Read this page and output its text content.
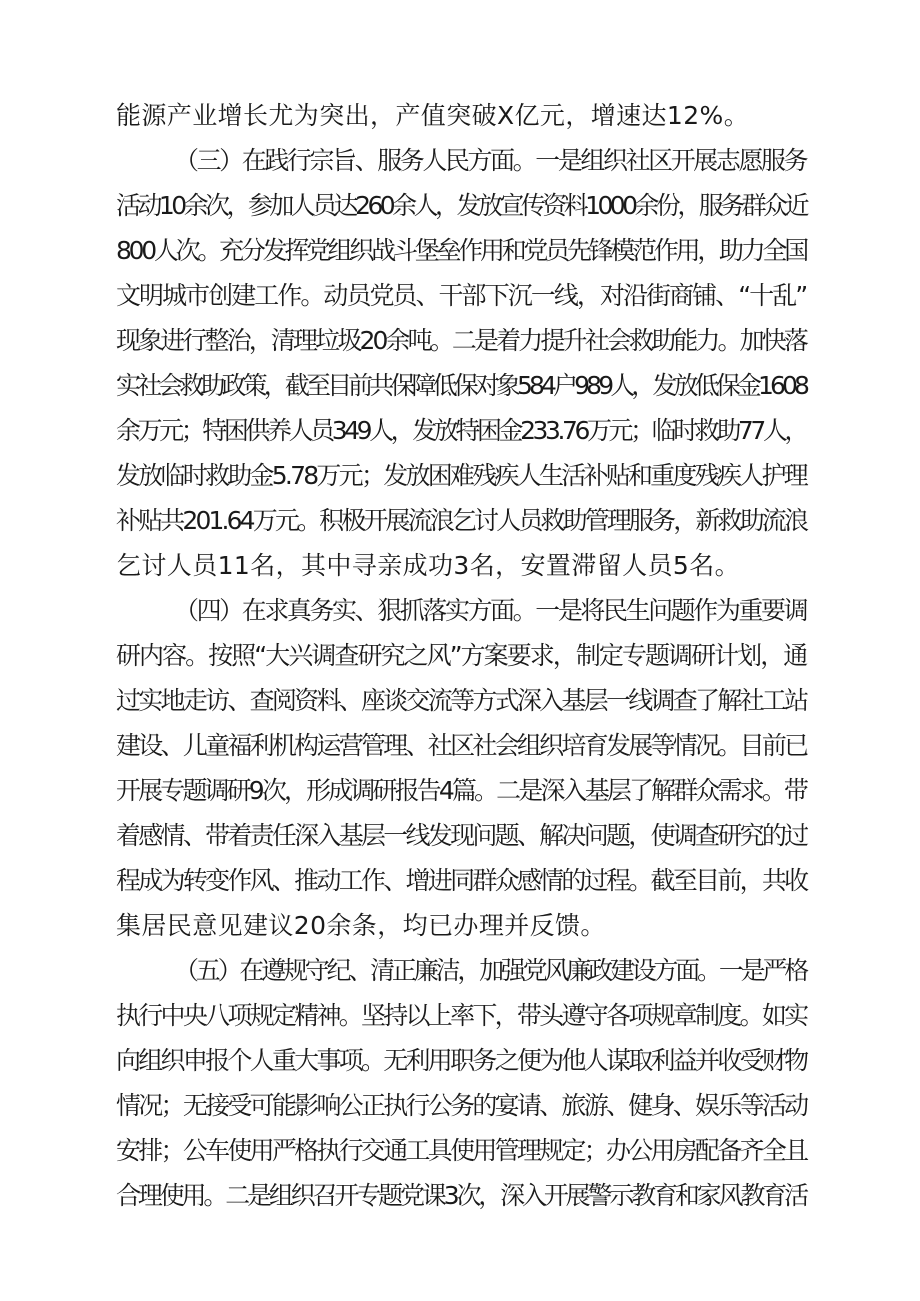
能源产业增长尤为突出，产值突破X亿元，增速达12%。
（三）在践行宗旨、服务人民方面。一是组织社区开展志愿服务
活动10余次，参加人员达260余人，发放宣传资料1000余份，服务群众近
800人次。充分发挥党组织战斗堡垒作用和党员先锋模范作用，助力全国
文明城市创建工作。动员党员、干部下沉一线，对沿街商铺、“十乱”
现象进行整治，清理垃圾20余吨。二是着力提升社会救助能力。加快落
实社会救助政策，截至目前共保障低保对象584户989人，发放低保金1608
余万元；特困供养人员349人，发放特困金233.76万元；临时救助77人，
发放临时救助金5.78万元；发放困难残疾人生活补贴和重度残疾人护理
补贴共201.64万元。积极开展流浪乞讨人员救助管理服务，新救助流浪
乞讨人员11名，其中寻亲成功3名，安置滞留人员5名。
（四）在求真务实、狠抓落实方面。一是将民生问题作为重要调
研内容。按照“大兴调查研究之风”方案要求，制定专题调研计划，通
过实地走访、查阅资料、座谈交流等方式深入基层一线调查了解社工站
建设、儿童福利机构运营管理、社区社会组织培育发展等情况。目前已
开展专题调研9次，形成调研报告4篇。二是深入基层了解群众需求。带
着感情、带着责任深入基层一线发现问题、解决问题，使调查研究的过
程成为转变作风、推动工作、增进同群众感情的过程。截至目前，共收
集居民意见建议20余条，均已办理并反馈。
（五）在遵规守纪、清正廉洁，加强党风廉政建设方面。一是严格
执行中央八项规定精神。坚持以上率下，带头遵守各项规章制度。如实
向组织申报个人重大事项。无利用职务之便为他人谋取利益并收受财物
情况；无接受可能影响公正执行公务的宴请、旅游、健身、娱乐等活动
安排；公车使用严格执行交通工具使用管理规定；办公用房配备齐全且
合理使用。二是组织召开专题党课3次，深入开展警示教育和家风教育活
